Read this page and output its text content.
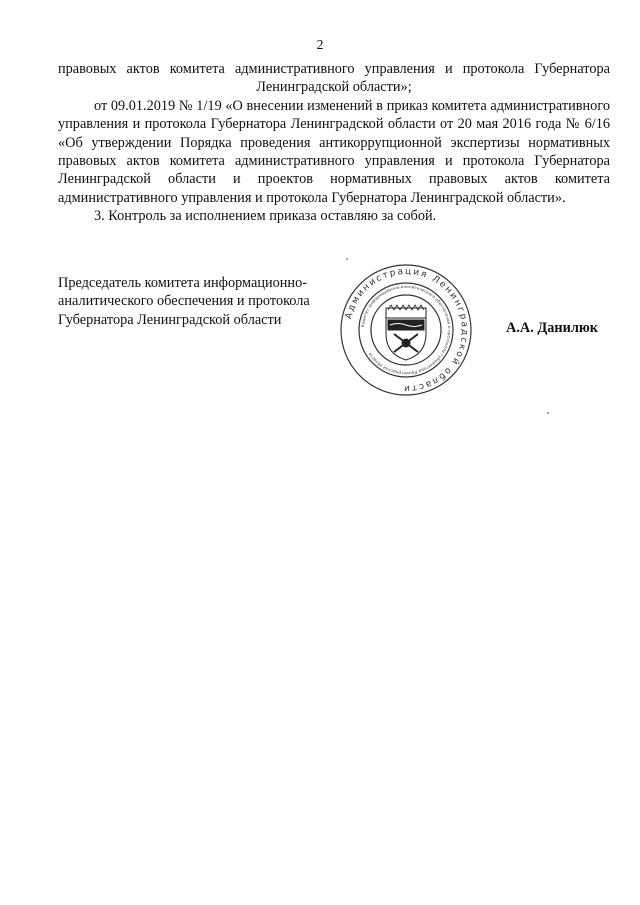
2

правовых актов комитета административного управления и протокола Губернатора

Ленинградской области»;

от 09.01.2019 № 1/19 «О внесении изменений в приказ комитета административного управления и протокола Губернатора Ленинградской области от 20 мая 2016 года № 6/16 «Об утверждении Порядка проведения антикоррупционной экспертизы нормативных правовых актов комитета административного управления и протокола Губернатора Ленинградской области и проектов нормативных правовых актов комитета административного управления и протокола Губернатора Ленинградской области».

3. Контроль за исполнением приказа оставляю за собой.

Председатель комитета информационно-
аналитического обеспечения и протокола
Губернатора Ленинградской области	Администрация Ленинградской области
Комитет информационно-аналитического обеспечения и протокола Губернатора Ленинградской области
А.А. Данилюк
